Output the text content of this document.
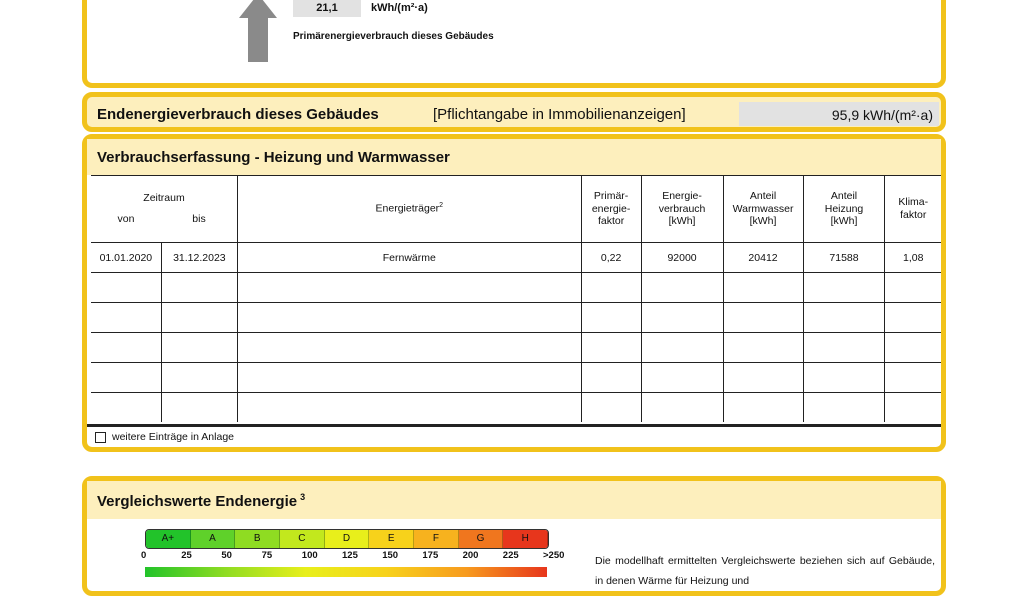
21,1	kWh/(m²·a)
Primärenergieverbrauch dieses Gebäudes
Endenergieverbrauch dieses Gebäudes	[Pflichtangabe in Immobilienanzeigen]	95,9 kWh/(m²·a)
Verbrauchserfassung - Heizung und Warmwasser
Zeitraum
von bis		Energieträger$^2$	Primär-energie-faktor	Energie-verbrauch [kWh]	Anteil Warmwasser [kWh]	Anteil Heizung [kWh]	Klima-faktor
01.01.2020	31.12.2023	Fernwärme	0,22	92000	20412	71588	1,08

weitere Einträge in Anlage
Vergleichswerte Endenergie $^3$
A+	A	B	C	D	E	F	G	H
0	25	50	75	100	125	150	175	200	225	>250	Die modellhaft ermittelten Vergleichswerte beziehen sich auf Gebäude, in denen Wärme für Heizung und
